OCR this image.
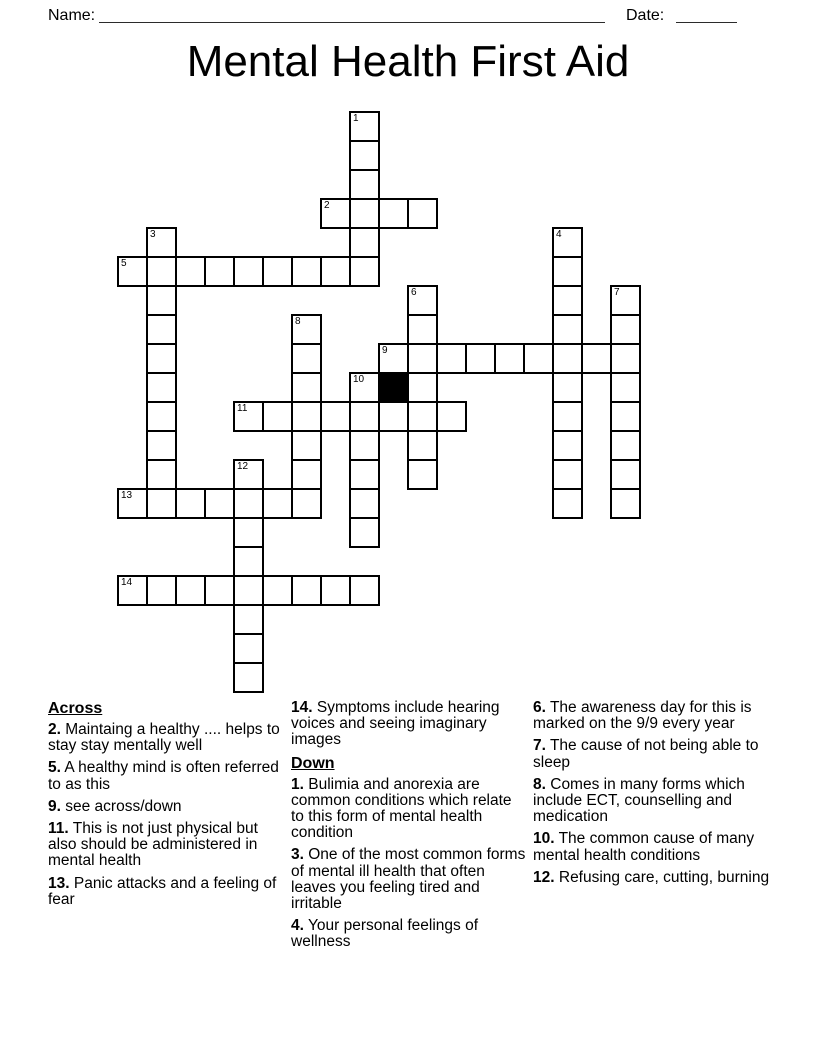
Name:	Date:
Mental Health First Aid
1
2
3	4
5
6	7
8
9
10
11
12
13
14
Across

2. Maintaing a healthy .... helps to stay stay mentally well

5. A healthy mind is often referred to as this

9. see across/down

11. This is not just physical but also should be administered in mental health

13. Panic attacks and a feeling of fear

14. Symptoms include hearing voices and seeing imaginary images

Down

1. Bulimia and anorexia are common conditions which relate to this form of mental health condition

3. One of the most common forms of mental ill health that often leaves you feeling tired and irritable

4. Your personal feelings of wellness

6. The awareness day for this is marked on the 9/9 every year

7. The cause of not being able to sleep

8. Comes in many forms which include ECT, counselling and medication

10. The common cause of many mental health conditions

12. Refusing care, cutting, burning
